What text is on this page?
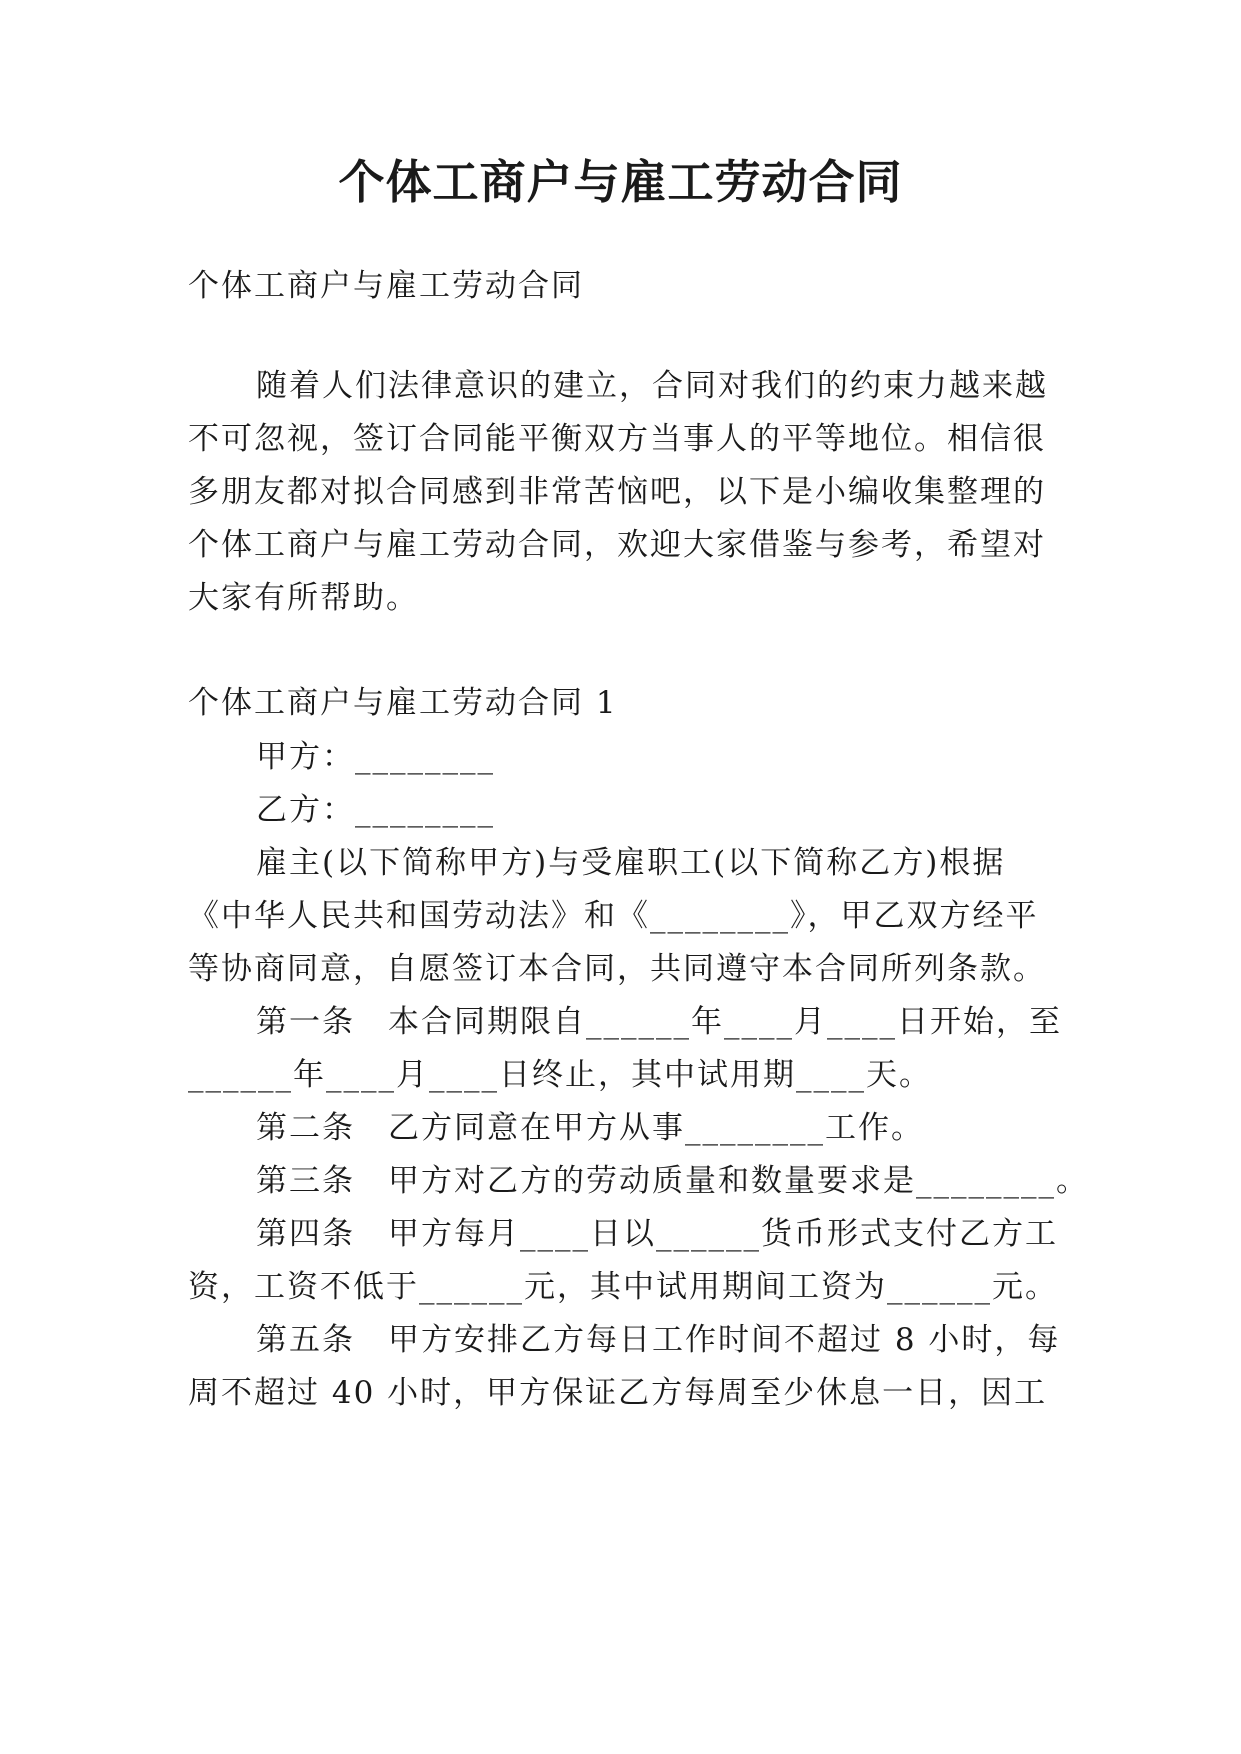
个体工商户与雇工劳动合同

个体工商户与雇工劳动合同

随着人们法律意识的建立，合同对我们的约束力越来越

不可忽视，签订合同能平衡双方当事人的平等地位。相信很

多朋友都对拟合同感到非常苦恼吧，以下是小编收集整理的

个体工商户与雇工劳动合同，欢迎大家借鉴与参考，希望对

大家有所帮助。

个体工商户与雇工劳动合同 1

甲方：________

乙方：________

雇主(以下简称甲方)与受雇职工(以下简称乙方)根据

《中华人民共和国劳动法》和《________》，甲乙双方经平

等协商同意，自愿签订本合同，共同遵守本合同所列条款。

第一条　本合同期限自______年____月____日开始，至

______年____月____日终止，其中试用期____天。

第二条　乙方同意在甲方从事________工作。

第三条　甲方对乙方的劳动质量和数量要求是________。

第四条　甲方每月____日以______货币形式支付乙方工

资，工资不低于______元，其中试用期间工资为______元。

第五条　甲方安排乙方每日工作时间不超过 8 小时，每

周不超过 40 小时，甲方保证乙方每周至少休息一日，因工
